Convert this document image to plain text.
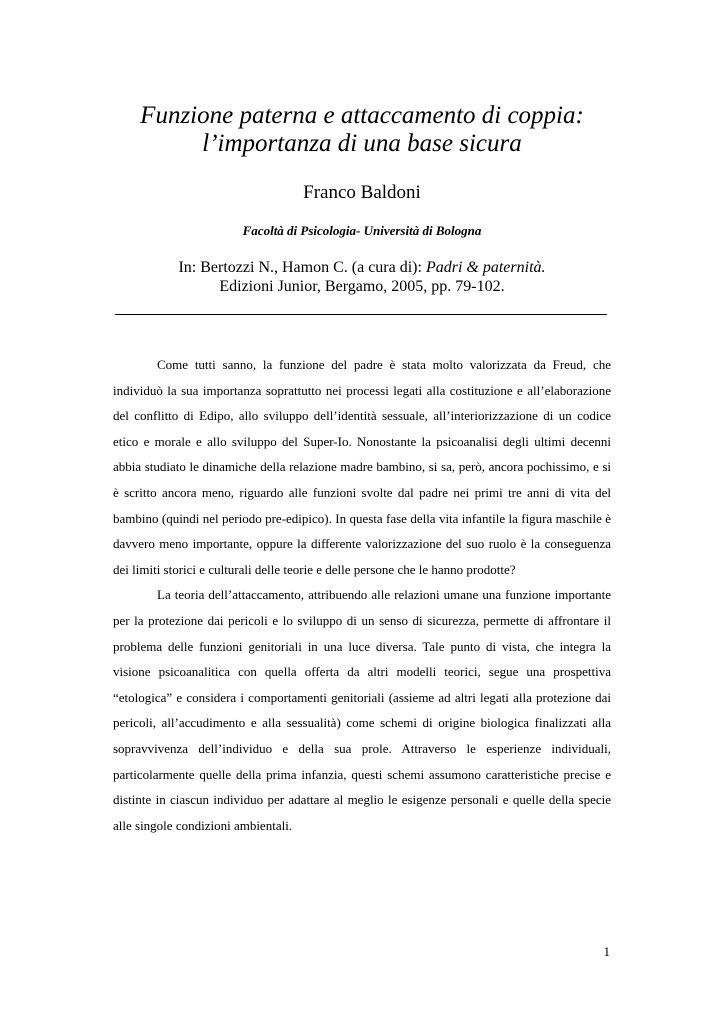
Funzione paterna e attaccamento di coppia:
l’importanza di una base sicura
Franco Baldoni
Facoltà di Psicologia- Università di Bologna
In: Bertozzi N., Hamon C. (a cura di): Padri & paternità.
Edizioni Junior, Bergamo, 2005, pp. 79-102.

Come tutti sanno, la funzione del padre è stata molto valorizzata da Freud, che individuò la sua importanza soprattutto nei processi legati alla costituzione e all’elaborazione del conflitto di Edipo, allo sviluppo dell’identità sessuale, all’interiorizzazione di un codice etico e morale e allo sviluppo del Super-Io. Nonostante la psicoanalisi degli ultimi decenni abbia studiato le dinamiche della relazione madre bambino, si sa, però, ancora pochissimo, e si è scritto ancora meno, riguardo alle funzioni svolte dal padre nei primi tre anni di vita del bambino (quindi nel periodo pre-edipico). In questa fase della vita infantile la figura maschile è davvero meno importante, oppure la differente valorizzazione del suo ruolo è la conseguenza dei limiti storici e culturali delle teorie e delle persone che le hanno prodotte?

La teoria dell’attaccamento, attribuendo alle relazioni umane una funzione importante per la protezione dai pericoli e lo sviluppo di un senso di sicurezza, permette di affrontare il problema delle funzioni genitoriali in una luce diversa. Tale punto di vista, che integra la visione psicoanalitica con quella offerta da altri modelli teorici, segue una prospettiva “etologica” e considera i comportamenti genitoriali (assieme ad altri legati alla protezione dai pericoli, all’accudimento e alla sessualità) come schemi di origine biologica finalizzati alla sopravvivenza dell’individuo e della sua prole. Attraverso le esperienze individuali, particolarmente quelle della prima infanzia, questi schemi assumono caratteristiche precise e distinte in ciascun individuo per adattare al meglio le esigenze personali e quelle della specie alle singole condizioni ambientali.

1
